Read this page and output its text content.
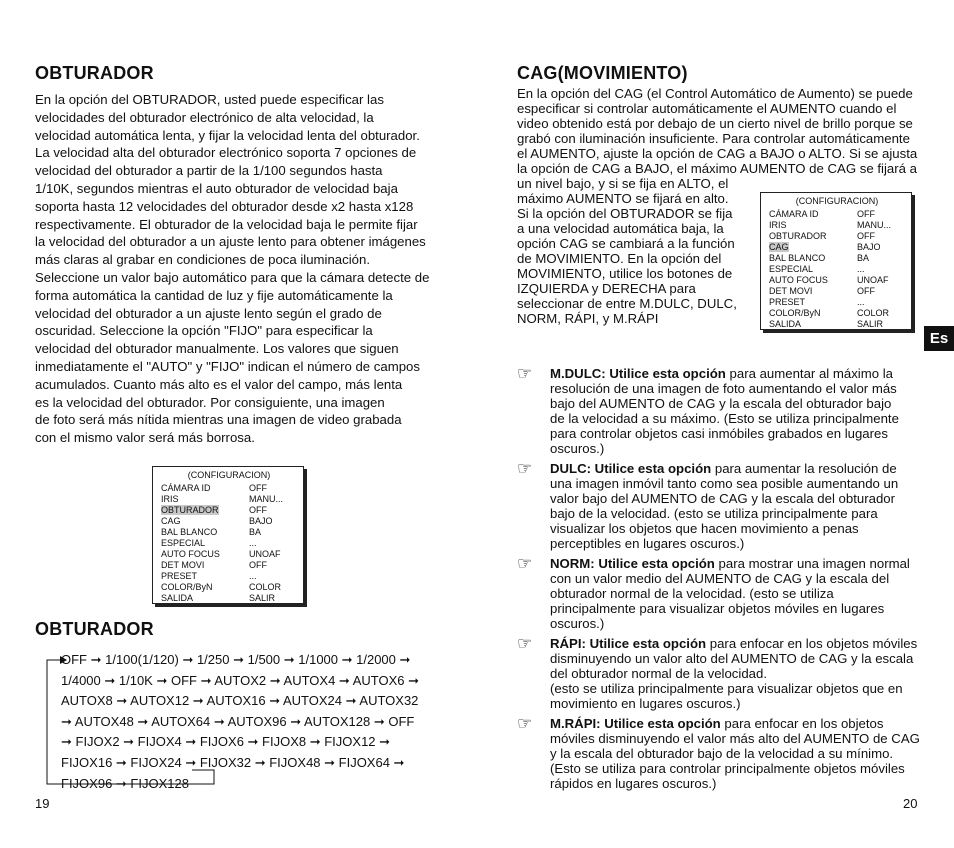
OBTURADOR
En la opción del OBTURADOR, usted puede especificar las
velocidades del obturador electrónico de alta velocidad, la
velocidad automática lenta, y fijar la velocidad lenta del obturador.
La velocidad alta del obturador electrónico soporta 7 opciones de
velocidad del obturador a partir de la 1/100 segundos hasta
1/10K, segundos mientras el auto obturador de velocidad baja
soporta hasta 12 velocidades del obturador desde x2 hasta x128
respectivamente. El obturador de la velocidad baja le permite fijar
la velocidad del obturador a un ajuste lento para obtener imágenes
más claras al grabar en condiciones de poca iluminación.
Seleccione un valor bajo automático para que la cámara detecte de
forma automática la cantidad de luz y fije automáticamente la
velocidad del obturador a un ajuste lento según el grado de
oscuridad. Seleccione la opción "FIJO" para especificar la
velocidad del obturador manualmente. Los valores que siguen
inmediatamente el "AUTO" y "FIJO" indican el número de campos
acumulados. Cuanto más alto es el valor del campo, más lenta
es la velocidad del obturador. Por consiguiente, una imagen
de foto será más nítida mientras una imagen de video grabada
con el mismo valor será más borrosa.
(CONFIGURACION)
CÁMARA ID	OFF
IRIS	MANU...
OBTURADOR	OFF
CAG	BAJO
BAL BLANCO	BA
ESPECIAL	...
AUTO FOCUS	UNOAF
DET MOVI	OFF
PRESET	...
COLOR/ByN	COLOR
SALIDA	SALIR
OBTURADOR
OFF ➞ 1/100(1/120) ➞ 1/250 ➞ 1/500 ➞ 1/1000 ➞ 1/2000 ➞
1/4000 ➞ 1/10K ➞ OFF ➞ AUTOX2 ➞ AUTOX4 ➞ AUTOX6 ➞
AUTOX8 ➞ AUTOX12 ➞ AUTOX16 ➞ AUTOX24 ➞ AUTOX32
➞ AUTOX48 ➞ AUTOX64 ➞ AUTOX96 ➞ AUTOX128 ➞ OFF
➞ FIJOX2 ➞ FIJOX4 ➞ FIJOX6 ➞ FIJOX8 ➞ FIJOX12 ➞
FIJOX16 ➞ FIJOX24 ➞ FIJOX32 ➞ FIJOX48 ➞ FIJOX64 ➞
FIJOX96 ➞ FIJOX128
19
CAG(MOVIMIENTO)
En la opción del CAG (el Control Automático de Aumento) se puede
especificar si controlar automáticamente el AUMENTO cuando el
video obtenido está por debajo de un cierto nivel de brillo porque se
grabó con iluminación insuficiente. Para controlar automáticamente
el AUMENTO, ajuste la opción de CAG a BAJO o ALTO. Si se ajusta
la opción de CAG a BAJO, el máximo AUMENTO de CAG se fijará a
un nivel bajo, y si se fija en ALTO, el
máximo AUMENTO se fijará en alto.
Si la opción del OBTURADOR se fija
a una velocidad automática baja, la
opción CAG se cambiará a la función
de MOVIMIENTO. En la opción del
MOVIMIENTO, utilice los botones de
IZQUIERDA y DERECHA para
seleccionar de entre M.DULC, DULC,
NORM, RÁPI, y M.RÁPI
(CONFIGURACION)
CÁMARA ID	OFF
IRIS	MANU...
OBTURADOR	OFF
CAG	BAJO
BAL BLANCO	BA
ESPECIAL	...
AUTO FOCUS	UNOAF
DET MOVI	OFF
PRESET	...
COLOR/ByN	COLOR
SALIDA	SALIR
Es
☞	M.DULC: Utilice esta opción para aumentar al máximo la
resolución de una imagen de foto aumentando el valor más
bajo del AUMENTO de CAG y la escala del obturador bajo
de la velocidad a su máximo. (Esto se utiliza principalmente
para controlar objetos casi inmóbiles grabados en lugares
oscuros.)
☞	DULC: Utilice esta opción para aumentar la resolución de
una imagen inmóvil tanto como sea posible aumentando un
valor bajo del AUMENTO de CAG y la escala del obturador
bajo de la velocidad. (esto se utiliza principalmente para
visualizar los objetos que hacen movimiento a penas
perceptibles en lugares oscuros.)
☞	NORM: Utilice esta opción para mostrar una imagen normal
con un valor medio del AUMENTO de CAG y la escala del
obturador normal de la velocidad. (esto se utiliza
principalmente para visualizar objetos móviles en lugares
oscuros.)
☞	RÁPI: Utilice esta opción para enfocar en los objetos móviles
disminuyendo un valor alto del AUMENTO de CAG y la escala
del obturador normal de la velocidad.
(esto se utiliza principalmente para visualizar objetos que en
movimiento en lugares oscuros.)
☞	M.RÁPI: Utilice esta opción para enfocar en los objetos
móviles disminuyendo el valor más alto del AUMENTO de CAG
y la escala del obturador bajo de la velocidad a su mínimo.
(Esto se utiliza para controlar principalmente objetos móviles
rápidos en lugares oscuros.)
20
